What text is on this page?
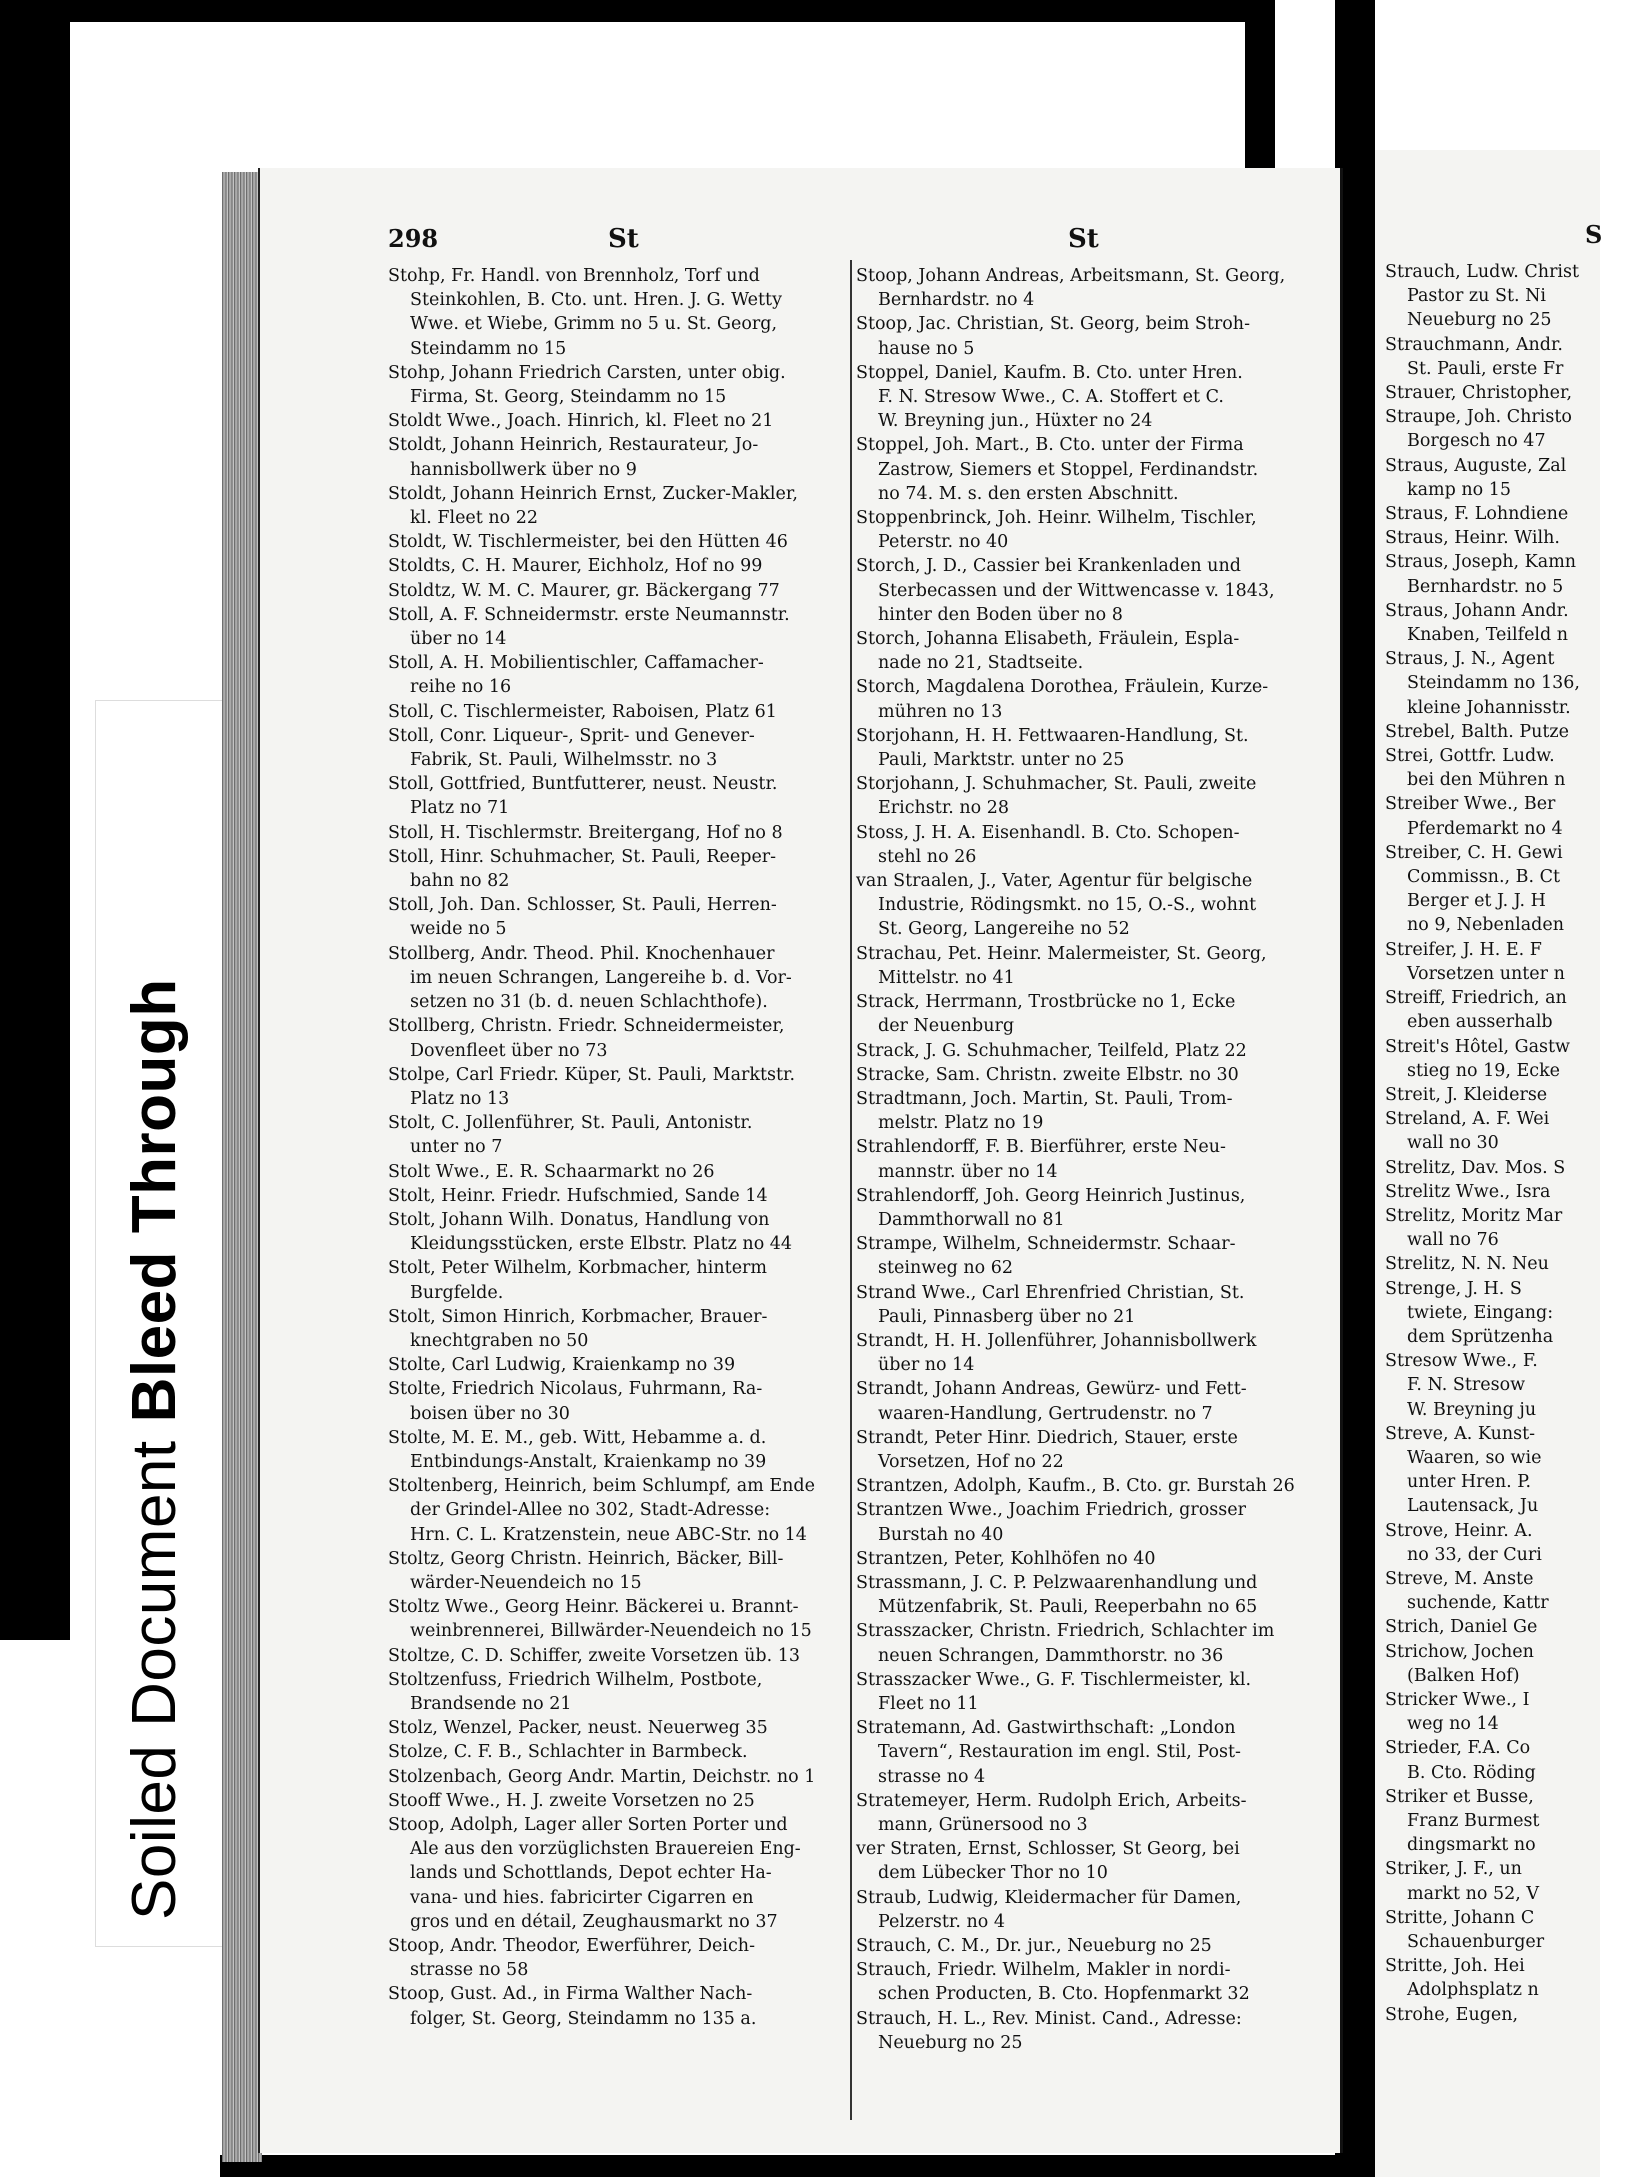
Soiled DocumentBleed Through
298	St	St
Stohp, Fr. Handl. von Brennholz, Torf und
Steinkohlen, B. Cto. unt. Hren. J. G. Wetty
Wwe. et Wiebe, Grimm no 5 u. St. Georg,
Steindamm no 15
Stohp, Johann Friedrich Carsten, unter obig.
Firma, St. Georg, Steindamm no 15
Stoldt Wwe., Joach. Hinrich, kl. Fleet no 21
Stoldt, Johann Heinrich, Restaurateur, Jo-
hannisbollwerk über no 9
Stoldt, Johann Heinrich Ernst, Zucker-Makler,
kl. Fleet no 22
Stoldt, W. Tischlermeister, bei den Hütten 46
Stoldts, C. H. Maurer, Eichholz, Hof no 99
Stoldtz, W. M. C. Maurer, gr. Bäckergang 77
Stoll, A. F. Schneidermstr. erste Neumannstr.
über no 14
Stoll, A. H. Mobilientischler, Caffamacher-
reihe no 16
Stoll, C. Tischlermeister, Raboisen, Platz 61
Stoll, Conr. Liqueur-, Sprit- und Genever-
Fabrik, St. Pauli, Wilhelmsstr. no 3
Stoll, Gottfried, Buntfutterer, neust. Neustr.
Platz no 71
Stoll, H. Tischlermstr. Breitergang, Hof no 8
Stoll, Hinr. Schuhmacher, St. Pauli, Reeper-
bahn no 82
Stoll, Joh. Dan. Schlosser, St. Pauli, Herren-
weide no 5
Stollberg, Andr. Theod. Phil. Knochenhauer
im neuen Schrangen, Langereihe b. d. Vor-
setzen no 31 (b. d. neuen Schlachthofe).
Stollberg, Christn. Friedr. Schneidermeister,
Dovenfleet über no 73
Stolpe, Carl Friedr. Küper, St. Pauli, Marktstr.
Platz no 13
Stolt, C. Jollenführer, St. Pauli, Antonistr.
unter no 7
Stolt Wwe., E. R. Schaarmarkt no 26
Stolt, Heinr. Friedr. Hufschmied, Sande 14
Stolt, Johann Wilh. Donatus, Handlung von
Kleidungsstücken, erste Elbstr. Platz no 44
Stolt, Peter Wilhelm, Korbmacher, hinterm
Burgfelde.
Stolt, Simon Hinrich, Korbmacher, Brauer-
knechtgraben no 50
Stolte, Carl Ludwig, Kraienkamp no 39
Stolte, Friedrich Nicolaus, Fuhrmann, Ra-
boisen über no 30
Stolte, M. E. M., geb. Witt, Hebamme a. d.
Entbindungs-Anstalt, Kraienkamp no 39
Stoltenberg, Heinrich, beim Schlumpf, am Ende
der Grindel-Allee no 302, Stadt-Adresse:
Hrn. C. L. Kratzenstein, neue ABC-Str. no 14
Stoltz, Georg Christn. Heinrich, Bäcker, Bill-
wärder-Neuendeich no 15
Stoltz Wwe., Georg Heinr. Bäckerei u. Brannt-
weinbrennerei, Billwärder-Neuendeich no 15
Stoltze, C. D. Schiffer, zweite Vorsetzen üb. 13
Stoltzenfuss, Friedrich Wilhelm, Postbote,
Brandsende no 21
Stolz, Wenzel, Packer, neust. Neuerweg 35
Stolze, C. F. B., Schlachter in Barmbeck.
Stolzenbach, Georg Andr. Martin, Deichstr. no 1
Stooff Wwe., H. J. zweite Vorsetzen no 25
Stoop, Adolph, Lager aller Sorten Porter und
Ale aus den vorzüglichsten Brauereien Eng-
lands und Schottlands, Depot echter Ha-
vana- und hies. fabricirter Cigarren en
gros und en détail, Zeughausmarkt no 37
Stoop, Andr. Theodor, Ewerführer, Deich-
strasse no 58
Stoop, Gust. Ad., in Firma Walther Nach-
folger, St. Georg, Steindamm no 135 a.
Stoop, Johann Andreas, Arbeitsmann, St. Georg,
Bernhardstr. no 4
Stoop, Jac. Christian, St. Georg, beim Stroh-
hause no 5
Stoppel, Daniel, Kaufm. B. Cto. unter Hren.
F. N. Stresow Wwe., C. A. Stoffert et C.
W. Breyning jun., Hüxter no 24
Stoppel, Joh. Mart., B. Cto. unter der Firma
Zastrow, Siemers et Stoppel, Ferdinandstr.
no 74. M. s. den ersten Abschnitt.
Stoppenbrinck, Joh. Heinr. Wilhelm, Tischler,
Peterstr. no 40
Storch, J. D., Cassier bei Krankenladen und
Sterbecassen und der Wittwencasse v. 1843,
hinter den Boden über no 8
Storch, Johanna Elisabeth, Fräulein, Espla-
nade no 21, Stadtseite.
Storch, Magdalena Dorothea, Fräulein, Kurze-
mühren no 13
Storjohann, H. H. Fettwaaren-Handlung, St.
Pauli, Marktstr. unter no 25
Storjohann, J. Schuhmacher, St. Pauli, zweite
Erichstr. no 28
Stoss, J. H. A. Eisenhandl. B. Cto. Schopen-
stehl no 26
van Straalen, J., Vater, Agentur für belgische
Industrie, Rödingsmkt. no 15, O.-S., wohnt
St. Georg, Langereihe no 52
Strachau, Pet. Heinr. Malermeister, St. Georg,
Mittelstr. no 41
Strack, Herrmann, Trostbrücke no 1, Ecke
der Neuenburg
Strack, J. G. Schuhmacher, Teilfeld, Platz 22
Stracke, Sam. Christn. zweite Elbstr. no 30
Stradtmann, Joch. Martin, St. Pauli, Trom-
melstr. Platz no 19
Strahlendorff, F. B. Bierführer, erste Neu-
mannstr. über no 14
Strahlendorff, Joh. Georg Heinrich Justinus,
Dammthorwall no 81
Strampe, Wilhelm, Schneidermstr. Schaar-
steinweg no 62
Strand Wwe., Carl Ehrenfried Christian, St.
Pauli, Pinnasberg über no 21
Strandt, H. H. Jollenführer, Johannisbollwerk
über no 14
Strandt, Johann Andreas, Gewürz- und Fett-
waaren-Handlung, Gertrudenstr. no 7
Strandt, Peter Hinr. Diedrich, Stauer, erste
Vorsetzen, Hof no 22
Strantzen, Adolph, Kaufm., B. Cto. gr. Burstah 26
Strantzen Wwe., Joachim Friedrich, grosser
Burstah no 40
Strantzen, Peter, Kohlhöfen no 40
Strassmann, J. C. P. Pelzwaarenhandlung und
Mützenfabrik, St. Pauli, Reeperbahn no 65
Strasszacker, Christn. Friedrich, Schlachter im
neuen Schrangen, Dammthorstr. no 36
Strasszacker Wwe., G. F. Tischlermeister, kl.
Fleet no 11
Stratemann, Ad. Gastwirthschaft: „London
Tavern“, Restauration im engl. Stil, Post-
strasse no 4
Stratemeyer, Herm. Rudolph Erich, Arbeits-
mann, Grünersood no 3
ver Straten, Ernst, Schlosser, St Georg, bei
dem Lübecker Thor no 10
Straub, Ludwig, Kleidermacher für Damen,
Pelzerstr. no 4
Strauch, C. M., Dr. jur., Neueburg no 25
Strauch, Friedr. Wilhelm, Makler in nordi-
schen Producten, B. Cto. Hopfenmarkt 32
Strauch, H. L., Rev. Minist. Cand., Adresse:
Neueburg no 25
S
Strauch, Ludw. Christ
Pastor zu St. Ni
Neueburg no 25
Strauchmann, Andr.
St. Pauli, erste Fr
Strauer, Christopher,
Straupe, Joh. Christo
Borgesch no 47
Straus, Auguste, Zal
kamp no 15
Straus, F. Lohndiene
Straus, Heinr. Wilh.
Straus, Joseph, Kamn
Bernhardstr. no 5
Straus, Johann Andr.
Knaben, Teilfeld n
Straus, J. N., Agent
Steindamm no 136,
kleine Johannisstr.
Strebel, Balth. Putze
Strei, Gottfr. Ludw.
bei den Mühren n
Streiber Wwe., Ber
Pferdemarkt no 4
Streiber, C. H. Gewi
Commissn., B. Ct
Berger et J. J. H
no 9, Nebenladen
Streifer, J. H. E. F
Vorsetzen unter n
Streiff, Friedrich, an
eben ausserhalb
Streit's Hôtel, Gastw
stieg no 19, Ecke
Streit, J. Kleiderse
Streland, A. F. Wei
wall no 30
Strelitz, Dav. Mos. S
Strelitz Wwe., Isra
Strelitz, Moritz Mar
wall no 76
Strelitz, N. N. Neu
Strenge, J. H. S
twiete, Eingang:
dem Sprützenha
Stresow Wwe., F.
F. N. Stresow
W. Breyning ju
Streve, A. Kunst-
Waaren, so wie
unter Hren. P.
Lautensack, Ju
Strove, Heinr. A.
no 33, der Curi
Streve, M. Anste
suchende, Kattr
Strich, Daniel Ge
Strichow, Jochen
(Balken Hof)
Stricker Wwe., I
weg no 14
Strieder, F.A. Co
B. Cto. Röding
Striker et Busse,
Franz Burmest
dingsmarkt no
Striker, J. F., un
markt no 52, V
Stritte, Johann C
Schauenburger
Stritte, Joh. Hei
Adolphsplatz n
Strohe, Eugen,
